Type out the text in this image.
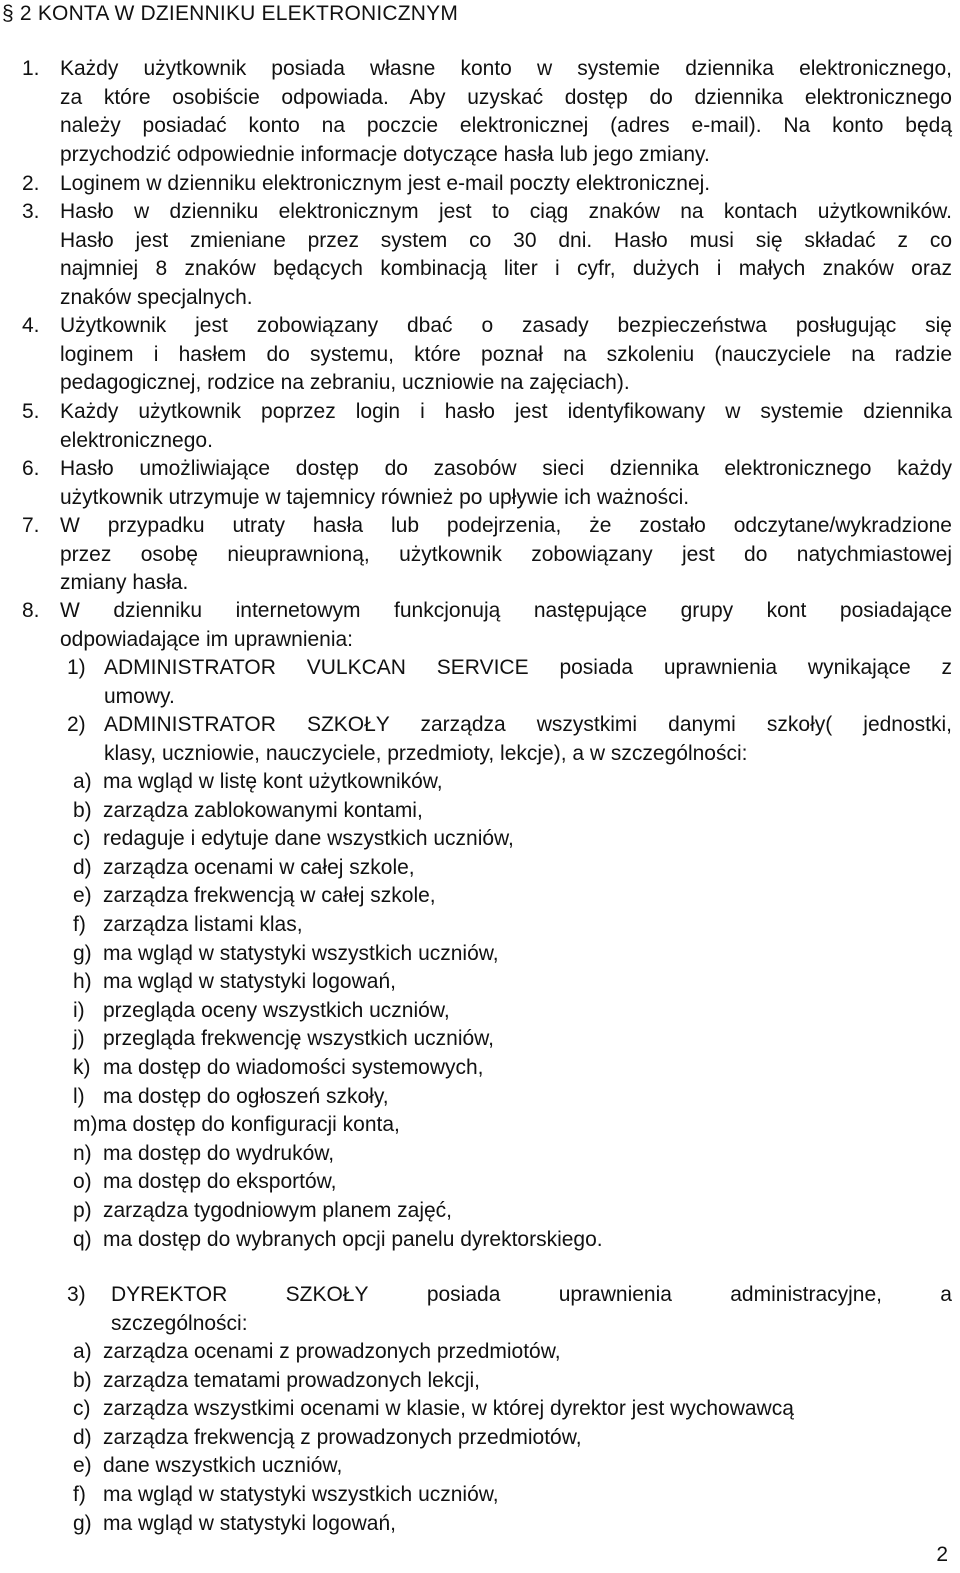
§ 2 KONTA W DZIENNIKU ELEKTRONICZNYM
1. Każdy użytkownik posiada własne konto w systemie dziennika elektronicznego,
za które osobiście odpowiada. Aby uzyskać dostęp do dziennika elektronicznego
należy posiadać konto na poczcie elektronicznej (adres e-mail). Na konto będą
przychodzić odpowiednie informacje dotyczące hasła lub jego zmiany.
2. Loginem w dzienniku elektronicznym jest e-mail poczty elektronicznej.
3. Hasło w dzienniku elektronicznym jest to ciąg znaków na kontach użytkowników.
Hasło jest zmieniane przez system co 30 dni. Hasło musi się składać z co
najmniej 8 znaków będących kombinacją liter i cyfr, dużych i małych znaków oraz
znaków specjalnych.
4. Użytkownik jest zobowiązany dbać o zasady bezpieczeństwa posługując się
loginem i hasłem do systemu, które poznał na szkoleniu (nauczyciele na radzie
pedagogicznej, rodzice na zebraniu, uczniowie na zajęciach).
5. Każdy użytkownik poprzez login i hasło jest identyfikowany w systemie dziennika
elektronicznego.
6. Hasło umożliwiające dostęp do zasobów sieci dziennika elektronicznego każdy
użytkownik utrzymuje w tajemnicy również po upływie ich ważności.
7. W przypadku utraty hasła lub podejrzenia, że zostało odczytane/wykradzione
przez osobę nieuprawnioną, użytkownik zobowiązany jest do natychmiastowej
zmiany hasła.
8. W dzienniku internetowym funkcjonują następujące grupy kont posiadające
odpowiadające im uprawnienia:
1) ADMINISTRATOR VULKCAN SERVICE posiada uprawnienia wynikające z
umowy.
2) ADMINISTRATOR SZKOŁY zarządza wszystkimi danymi szkoły( jednostki,
klasy, uczniowie, nauczyciele, przedmioty, lekcje), a w szczególności:
a) ma wgląd w listę kont użytkowników,
b) zarządza zablokowanymi kontami,
c) redaguje i edytuje dane wszystkich uczniów,
d) zarządza ocenami w całej szkole,
e) zarządza frekwencją w całej szkole,
f) zarządza listami klas,
g) ma wgląd w statystyki wszystkich uczniów,
h) ma wgląd w statystyki logowań,
i) przegląda oceny wszystkich uczniów,
j) przegląda frekwencję wszystkich uczniów,
k) ma dostęp do wiadomości systemowych,
l) ma dostęp do ogłoszeń szkoły,
m)ma dostęp do konfiguracji konta,
n) ma dostęp do wydruków,
o) ma dostęp do eksportów,
p) zarządza tygodniowym planem zajęć,
q) ma dostęp do wybranych opcji panelu dyrektorskiego.
3) DYREKTOR	SZKOŁY	posiada	uprawnienia	administracyjne,	a
szczególności:
a) zarządza ocenami z prowadzonych przedmiotów,
b) zarządza tematami prowadzonych lekcji,
c) zarządza wszystkimi ocenami w klasie, w której dyrektor jest wychowawcą
d) zarządza frekwencją z prowadzonych przedmiotów,
e) dane wszystkich uczniów,
f) ma wgląd w statystyki wszystkich uczniów,
g) ma wgląd w statystyki logowań,
2
